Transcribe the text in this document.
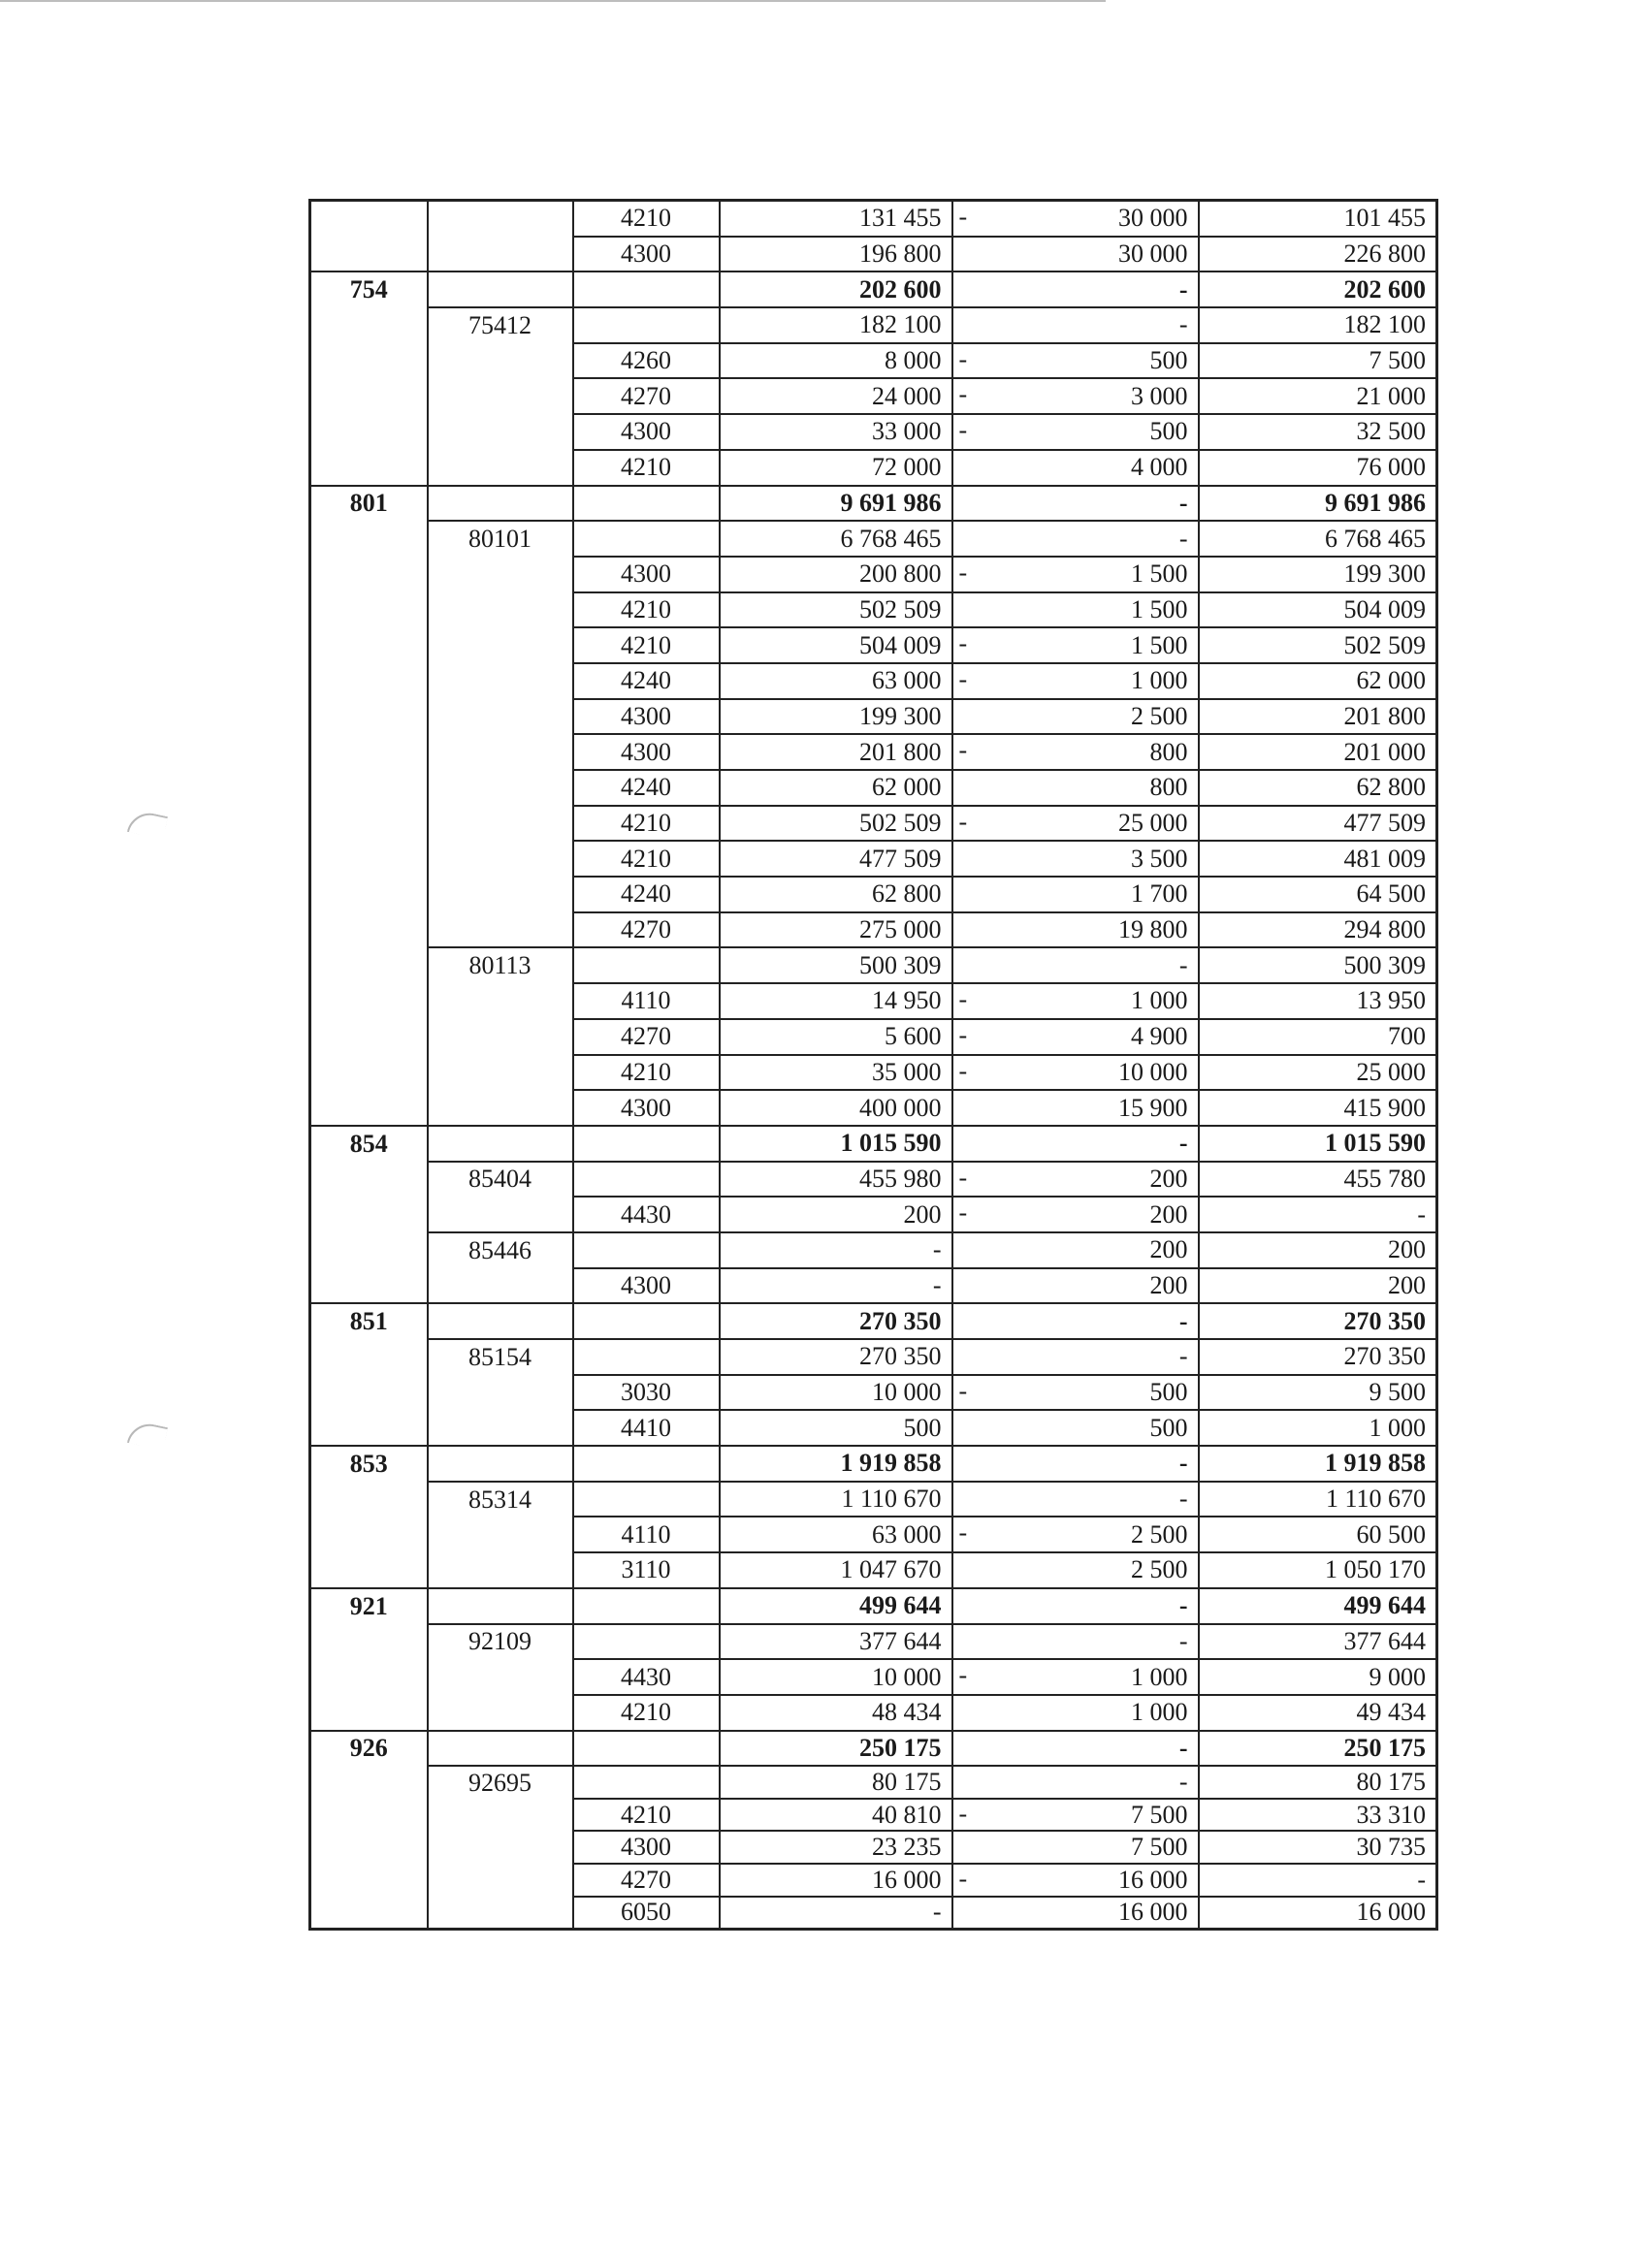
		4210	131 455	- 30 000	101 455
		4300	196 800	30 000	226 800
754			202 600	-	202 600
	75412		182 100	-	182 100
		4260	8 000	- 500	7 500
		4270	24 000	- 3 000	21 000
		4300	33 000	- 500	32 500
		4210	72 000	4 000	76 000
801			9 691 986	-	9 691 986
	80101		6 768 465	-	6 768 465
		4300	200 800	- 1 500	199 300
		4210	502 509	1 500	504 009
		4210	504 009	- 1 500	502 509
		4240	63 000	- 1 000	62 000
		4300	199 300	2 500	201 800
		4300	201 800	- 800	201 000
		4240	62 000	800	62 800
		4210	502 509	- 25 000	477 509
		4210	477 509	3 500	481 009
		4240	62 800	1 700	64 500
		4270	275 000	19 800	294 800
	80113		500 309	-	500 309
		4110	14 950	- 1 000	13 950
		4270	5 600	- 4 900	700
		4210	35 000	- 10 000	25 000
		4300	400 000	15 900	415 900
854			1 015 590	-	1 015 590
	85404		455 980	- 200	455 780
		4430	200	- 200	-
	85446		-	200	200
		4300	-	200	200
851			270 350	-	270 350
	85154		270 350	-	270 350
		3030	10 000	- 500	9 500
		4410	500	500	1 000
853			1 919 858	-	1 919 858
	85314		1 110 670	-	1 110 670
		4110	63 000	- 2 500	60 500
		3110	1 047 670	2 500	1 050 170
921			499 644	-	499 644
	92109		377 644	-	377 644
		4430	10 000	- 1 000	9 000
		4210	48 434	1 000	49 434
926			250 175	-	250 175
	92695		80 175	-	80 175
		4210	40 810	- 7 500	33 310
		4300	23 235	7 500	30 735
		4270	16 000	- 16 000	-
		6050	-	16 000	16 000
